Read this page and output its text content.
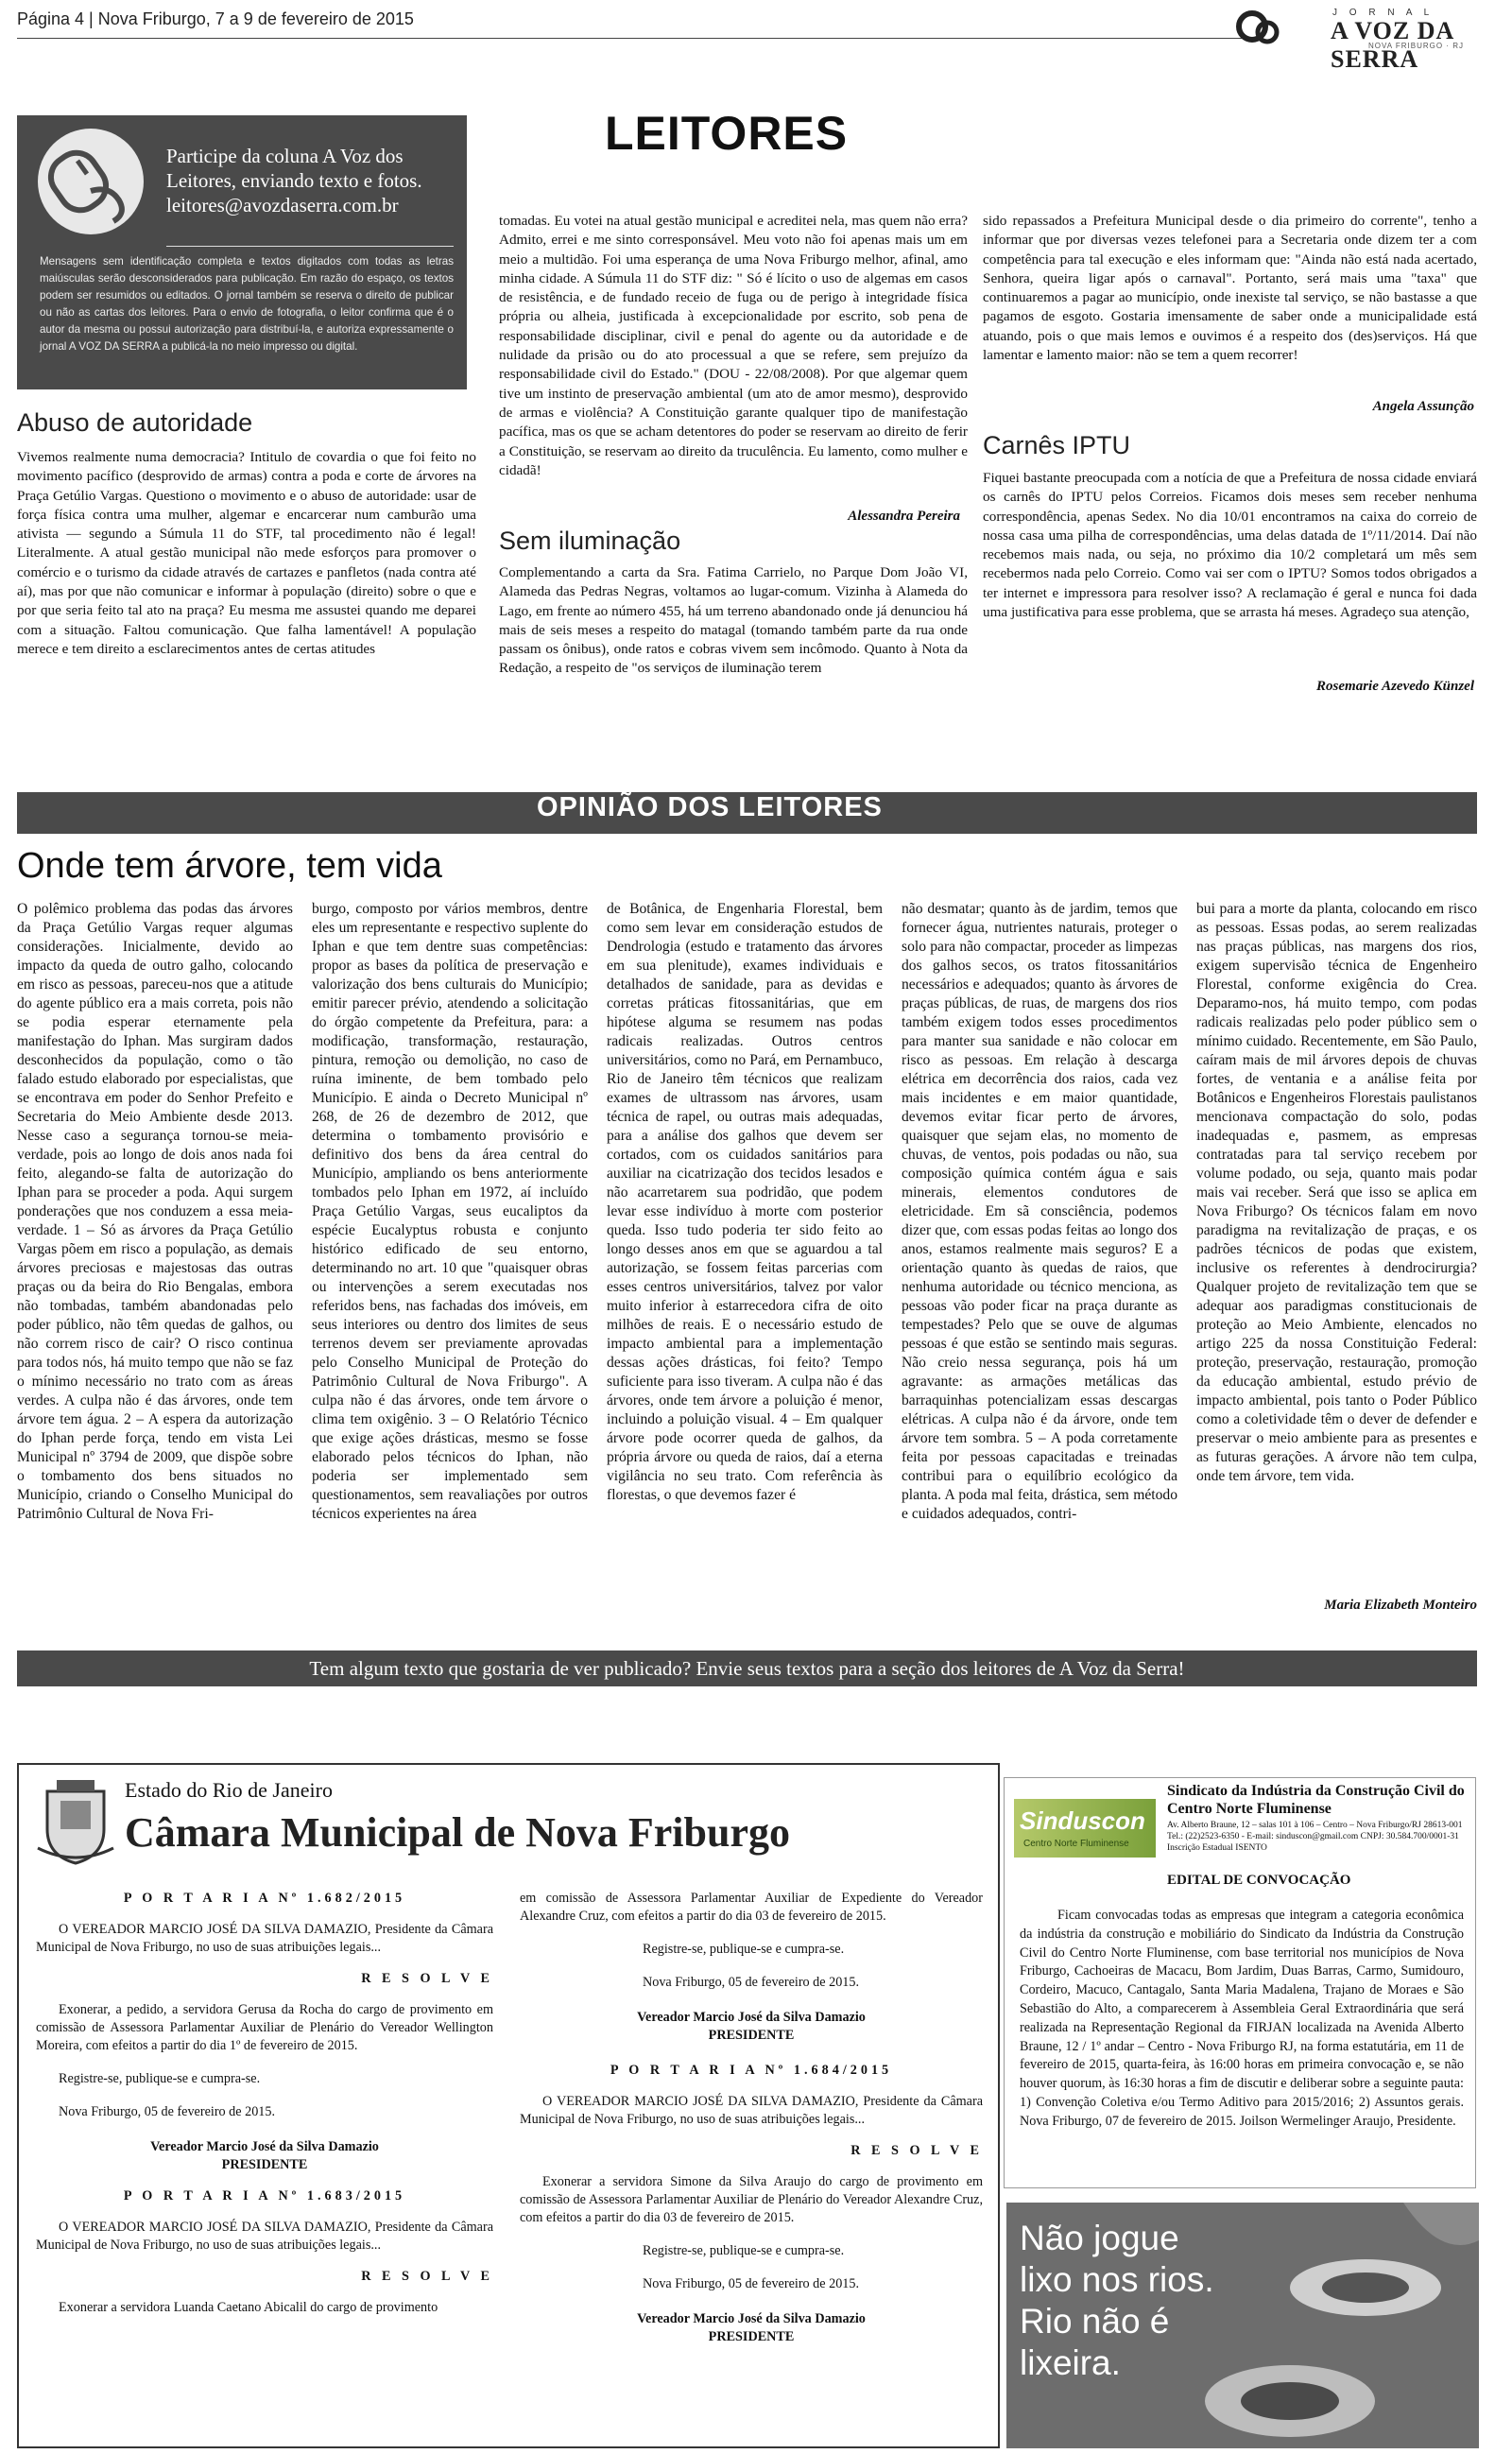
Página 4 | Nova Friburgo, 7 a 9 de fevereiro de 2015	J O R N A L
A VOZ DA SERRA
NOVA FRIBURGO · RJ
Participe da coluna A Voz dos Leitores, enviando texto e fotos. leitores@avozdaserra.com.br
Mensagens sem identificação completa e textos digitados com todas as letras maiúsculas serão desconsiderados para publicação. Em razão do espaço, os textos podem ser resumidos ou editados. O jornal também se reserva o direito de publicar ou não as cartas dos leitores. Para o envio de fotografia, o leitor confirma que é o autor da mesma ou possui autorização para distribuí-la, e autoriza expressamente o jornal A VOZ DA SERRA a publicá-la no meio impresso ou digital.
LEITORES
Abuso de autoridade
Vivemos realmente numa democracia? Intitulo de covardia o que foi feito no movimento pacífico (desprovido de armas) contra a poda e corte de árvores na Praça Getúlio Vargas. Questiono o movimento e o abuso de autoridade: usar de força física contra uma mulher, algemar e encarcerar num camburão uma ativista — segundo a Súmula 11 do STF, tal procedimento não é legal! Literalmente. A atual gestão municipal não mede esforços para promover o comércio e o turismo da cidade através de cartazes e panfletos (nada contra até aí), mas por que não comunicar e informar à população (direito) sobre o que e por que seria feito tal ato na praça? Eu mesma me assustei quando me deparei com a situação. Faltou comunicação. Que falha lamentável! A população merece e tem direito a esclarecimentos antes de certas atitudes
tomadas. Eu votei na atual gestão municipal e acreditei nela, mas quem não erra? Admito, errei e me sinto corresponsável. Meu voto não foi apenas mais um em meio a multidão. Foi uma esperança de uma Nova Friburgo melhor, afinal, amo minha cidade. A Súmula 11 do STF diz: " Só é lícito o uso de algemas em casos de resistência, e de fundado receio de fuga ou de perigo à integridade física própria ou alheia, justificada à excepcionalidade por escrito, sob pena de responsabilidade disciplinar, civil e penal do agente ou da autoridade e de nulidade da prisão ou do ato processual a que se refere, sem prejuízo da responsabilidade civil do Estado." (DOU - 22/08/2008). Por que algemar quem tive um instinto de preservação ambiental (um ato de amor mesmo), desprovido de armas e violência? A Constituição garante qualquer tipo de manifestação pacífica, mas os que se acham detentores do poder se reservam ao direito de ferir a Constituição, se reservam ao direito da truculência. Eu lamento, como mulher e cidadã!
Alessandra Pereira
Sem iluminação
Complementando a carta da Sra. Fatima Carrielo, no Parque Dom João VI, Alameda das Pedras Negras, voltamos ao lugar-comum. Vizinha à Alameda do Lago, em frente ao número 455, há um terreno abandonado onde já denunciou há mais de seis meses a respeito do matagal (tomando também parte da rua onde passam os ônibus), onde ratos e cobras vivem sem incômodo. Quanto à Nota da Redação, a respeito de "os serviços de iluminação terem
sido repassados a Prefeitura Municipal desde o dia primeiro do corrente", tenho a informar que por diversas vezes telefonei para a Secretaria onde dizem ter a com competência para tal execução e eles informam que: "Ainda não está nada acertado, Senhora, queira ligar após o carnaval". Portanto, será mais uma "taxa" que continuaremos a pagar ao município, onde inexiste tal serviço, se não bastasse a que pagamos de esgoto. Gostaria imensamente de saber onde a municipalidade está atuando, pois o que mais lemos e ouvimos é a respeito dos (des)serviços. Há que lamentar e lamento maior: não se tem a quem recorrer!
Angela Assunção
Carnês IPTU
Fiquei bastante preocupada com a notícia de que a Prefeitura de nossa cidade enviará os carnês do IPTU pelos Correios. Ficamos dois meses sem receber nenhuma correspondência, apenas Sedex. No dia 10/01 encontramos na caixa do correio de nossa casa uma pilha de correspondências, uma delas datada de 1º/11/2014. Daí não recebemos mais nada, ou seja, no próximo dia 10/2 completará um mês sem recebermos nada pelo Correio. Como vai ser com o IPTU? Somos todos obrigados a ter internet e impressora para resolver isso? A reclamação é geral e nunca foi dada uma justificativa para esse problema, que se arrasta há meses. Agradeço sua atenção,
Rosemarie Azevedo Künzel
OPINIÃO DOS LEITORES
Onde tem árvore, tem vida
O polêmico problema das podas das árvores da Praça Getúlio Vargas requer algumas considerações. Inicialmente, devido ao impacto da queda de outro galho, colocando em risco as pessoas, pareceu-nos que a atitude do agente público era a mais correta, pois não se podia esperar eternamente pela manifestação do Iphan. Mas surgiram dados desconhecidos da população, como o tão falado estudo elaborado por especialistas, que se encontrava em poder do Senhor Prefeito e Secretaria do Meio Ambiente desde 2013. Nesse caso a segurança tornou-se meia-verdade, pois ao longo de dois anos nada foi feito, alegando-se falta de autorização do Iphan para se proceder a poda. Aqui surgem ponderações que nos conduzem a essa meia-verdade. 1 – Só as árvores da Praça Getúlio Vargas põem em risco a população, as demais árvores preciosas e majestosas das outras praças ou da beira do Rio Bengalas, embora não tombadas, também abandonadas pelo poder público, não têm quedas de galhos, ou não correm risco de cair? O risco continua para todos nós, há muito tempo que não se faz o mínimo necessário no trato com as áreas verdes. A culpa não é das árvores, onde tem árvore tem água. 2 – A espera da autorização do Iphan perde força, tendo em vista Lei Municipal nº 3794 de 2009, que dispõe sobre o tombamento dos bens situados no Município, criando o Conselho Municipal do Patrimônio Cultural de Nova Fri-
burgo, composto por vários membros, dentre eles um representante e respectivo suplente do Iphan e que tem dentre suas competências: propor as bases da política de preservação e valorização dos bens culturais do Município; emitir parecer prévio, atendendo a solicitação do órgão competente da Prefeitura, para: a modificação, transformação, restauração, pintura, remoção ou demolição, no caso de ruína iminente, de bem tombado pelo Município. E ainda o Decreto Municipal nº 268, de 26 de dezembro de 2012, que determina o tombamento provisório e definitivo dos bens da área central do Município, ampliando os bens anteriormente tombados pelo Iphan em 1972, aí incluído Praça Getúlio Vargas, seus eucaliptos da espécie Eucalyptus robusta e conjunto histórico edificado de seu entorno, determinando no art. 10 que "quaisquer obras ou intervenções a serem executadas nos referidos bens, nas fachadas dos imóveis, em seus interiores ou dentro dos limites de seus terrenos devem ser previamente aprovadas pelo Conselho Municipal de Proteção do Patrimônio Cultural de Nova Friburgo". A culpa não é das árvores, onde tem árvore o clima tem oxigênio. 3 – O Relatório Técnico que exige ações drásticas, mesmo se fosse elaborado pelos técnicos do Iphan, não poderia ser implementado sem questionamentos, sem reavaliações por outros técnicos experientes na área
de Botânica, de Engenharia Florestal, bem como sem levar em consideração estudos de Dendrologia (estudo e tratamento das árvores em sua plenitude), exames individuais e detalhados de sanidade, para as devidas e corretas práticas fitossanitárias, que em hipótese alguma se resumem nas podas radicais realizadas. Outros centros universitários, como no Pará, em Pernambuco, Rio de Janeiro têm técnicos que realizam exames de ultrassom nas árvores, usam técnica de rapel, ou outras mais adequadas, para a análise dos galhos que devem ser cortados, com os cuidados sanitários para auxiliar na cicatrização dos tecidos lesados e não acarretarem sua podridão, que podem levar esse indivíduo à morte com posterior queda. Isso tudo poderia ter sido feito ao longo desses anos em que se aguardou a tal autorização, se fossem feitas parcerias com esses centros universitários, talvez por valor muito inferior à estarrecedora cifra de oito milhões de reais. E o necessário estudo de impacto ambiental para a implementação dessas ações drásticas, foi feito? Tempo suficiente para isso tiveram. A culpa não é das árvores, onde tem árvore a poluição é menor, incluindo a poluição visual. 4 – Em qualquer árvore pode ocorrer queda de galhos, da própria árvore ou queda de raios, daí a eterna vigilância no seu trato. Com referência às florestas, o que devemos fazer é
não desmatar; quanto às de jardim, temos que fornecer água, nutrientes naturais, proteger o solo para não compactar, proceder as limpezas dos galhos secos, os tratos fitossanitários necessários e adequados; quanto às árvores de praças públicas, de ruas, de margens dos rios também exigem todos esses procedimentos para manter sua sanidade e não colocar em risco as pessoas. Em relação à descarga elétrica em decorrência dos raios, cada vez mais incidentes e em maior quantidade, devemos evitar ficar perto de árvores, quaisquer que sejam elas, no momento de chuvas, de ventos, pois podadas ou não, sua composição química contém água e sais minerais, elementos condutores de eletricidade. Em sã consciência, podemos dizer que, com essas podas feitas ao longo dos anos, estamos realmente mais seguros? E a orientação quanto às quedas de raios, que nenhuma autoridade ou técnico menciona, as pessoas vão poder ficar na praça durante as tempestades? Pelo que se ouve de algumas pessoas é que estão se sentindo mais seguras. Não creio nessa segurança, pois há um agravante: as armações metálicas das barraquinhas potencializam essas descargas elétricas. A culpa não é da árvore, onde tem árvore tem sombra. 5 – A poda corretamente feita por pessoas capacitadas e treinadas contribui para o equilíbrio ecológico da planta. A poda mal feita, drástica, sem método e cuidados adequados, contri-
bui para a morte da planta, colocando em risco as pessoas. Essas podas, ao serem realizadas nas praças públicas, nas margens dos rios, exigem supervisão técnica de Engenheiro Florestal, conforme exigência do Crea. Deparamo-nos, há muito tempo, com podas radicais realizadas pelo poder público sem o mínimo cuidado. Recentemente, em São Paulo, caíram mais de mil árvores depois de chuvas fortes, de ventania e a análise feita por Botânicos e Engenheiros Florestais paulistanos mencionava compactação do solo, podas inadequadas e, pasmem, as empresas contratadas para tal serviço recebem por volume podado, ou seja, quanto mais podar mais vai receber. Será que isso se aplica em Nova Friburgo? Os técnicos falam em novo paradigma na revitalização de praças, e os padrões técnicos de podas que existem, inclusive os referentes à dendrocirurgia? Qualquer projeto de revitalização tem que se adequar aos paradigmas constitucionais de proteção ao Meio Ambiente, elencados no artigo 225 da nossa Constituição Federal: proteção, preservação, restauração, promoção da educação ambiental, estudo prévio de impacto ambiental, pois tanto o Poder Público como a coletividade têm o dever de defender e preservar o meio ambiente para as presentes e as futuras gerações. A árvore não tem culpa, onde tem árvore, tem vida.
Maria Elizabeth Monteiro
Tem algum texto que gostaria de ver publicado? Envie seus textos para a seção dos leitores de A Voz da Serra!
Estado do Rio de Janeiro
Câmara Municipal de Nova Friburgo
P O R T A R I A Nº 1.682/2015
O VEREADOR MARCIO JOSÉ DA SILVA DAMAZIO, Presidente da Câmara Municipal de Nova Friburgo, no uso de suas atribuições legais...
R E S O L V E
Exonerar, a pedido, a servidora Gerusa da Rocha do cargo de provimento em comissão de Assessora Parlamentar Auxiliar de Plenário do Vereador Wellington Moreira, com efeitos a partir do dia 1º de fevereiro de 2015.
Registre-se, publique-se e cumpra-se.
Nova Friburgo, 05 de fevereiro de 2015.
Vereador Marcio José da Silva Damazio
PRESIDENTE
P O R T A R I A Nº 1.683/2015
O VEREADOR MARCIO JOSÉ DA SILVA DAMAZIO, Presidente da Câmara Municipal de Nova Friburgo, no uso de suas atribuições legais...
R E S O L V E
Exonerar a servidora Luanda Caetano Abicalil do cargo de provimento
em comissão de Assessora Parlamentar Auxiliar de Expediente do Vereador Alexandre Cruz, com efeitos a partir do dia 03 de fevereiro de 2015.
Registre-se, publique-se e cumpra-se.
Nova Friburgo, 05 de fevereiro de 2015.
Vereador Marcio José da Silva Damazio
PRESIDENTE
P O R T A R I A Nº 1.684/2015
O VEREADOR MARCIO JOSÉ DA SILVA DAMAZIO, Presidente da Câmara Municipal de Nova Friburgo, no uso de suas atribuições legais...
R E S O L V E
Exonerar a servidora Simone da Silva Araujo do cargo de provimento em comissão de Assessora Parlamentar Auxiliar de Plenário do Vereador Alexandre Cruz, com efeitos a partir do dia 03 de fevereiro de 2015.
Registre-se, publique-se e cumpra-se.
Nova Friburgo, 05 de fevereiro de 2015.
Vereador Marcio José da Silva Damazio
PRESIDENTE
Sinduscon
Centro Norte Fluminense
Sindicato da Indústria da Construção Civil do Centro Norte Fluminense
Av. Alberto Braune, 12 – salas 101 à 106 – Centro – Nova Friburgo/RJ 28613-001 Tel.: (22)2523-6350 - E-mail: sinduscon@gmail.com CNPJ: 30.584.700/0001-31 Inscrição Estadual ISENTO
EDITAL DE CONVOCAÇÃO
Ficam convocadas todas as empresas que integram a categoria econômica da indústria da construção e mobiliário do Sindicato da Indústria da Construção Civil do Centro Norte Fluminense, com base territorial nos municípios de Nova Friburgo, Cachoeiras de Macacu, Bom Jardim, Duas Barras, Carmo, Sumidouro, Cordeiro, Macuco, Cantagalo, Santa Maria Madalena, Trajano de Moraes e São Sebastião do Alto, a comparecerem à Assembleia Geral Extraordinária que será realizada na Representação Regional da FIRJAN localizada na Avenida Alberto Braune, 12 / 1º andar – Centro - Nova Friburgo RJ, na forma estatutária, em 11 de fevereiro de 2015, quarta-feira, às 16:00 horas em primeira convocação e, se não houver quorum, às 16:30 horas a fim de discutir e deliberar sobre a seguinte pauta: 1) Convenção Coletiva e/ou Termo Aditivo para 2015/2016; 2) Assuntos gerais. Nova Friburgo, 07 de fevereiro de 2015. Joilson Wermelinger Araujo, Presidente.
Não jogue lixo nos rios. Rio não é lixeira.
